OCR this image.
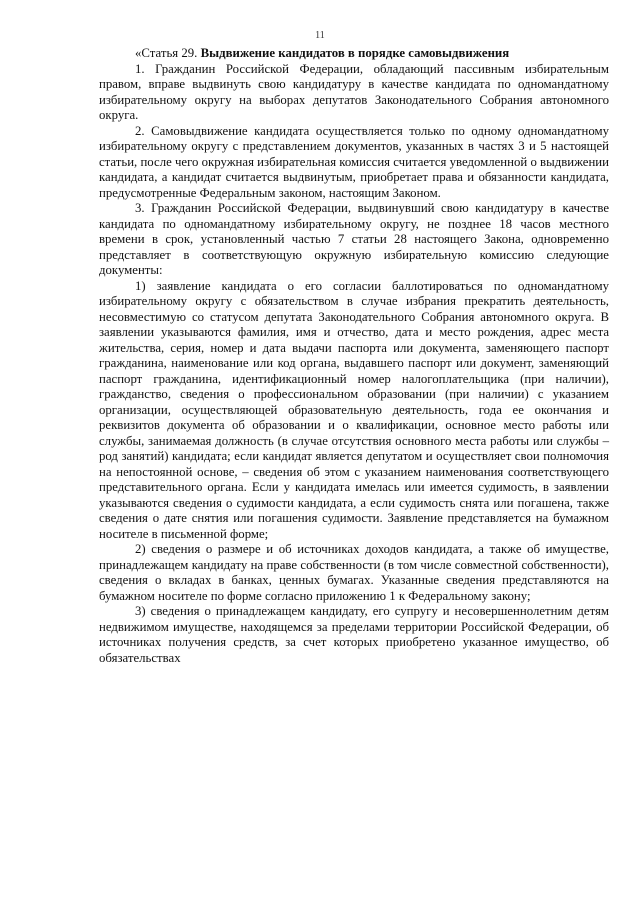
11

«Статья 29. Выдвижение кандидатов в порядке самовыдвижения

1. Гражданин Российской Федерации, обладающий пассивным избирательным правом, вправе выдвинуть свою кандидатуру в качестве кандидата по одномандатному избирательному округу на выборах депутатов Законодательного Собрания автономного округа.

2. Самовыдвижение кандидата осуществляется только по одному одномандатному избирательному округу с представлением документов, указанных в частях 3 и 5 настоящей статьи, после чего окружная избирательная комиссия считается уведомленной о выдвижении кандидата, а кандидат считается выдвинутым, приобретает права и обязанности кандидата, предусмотренные Федеральным законом, настоящим Законом.

3. Гражданин Российской Федерации, выдвинувший свою кандидатуру в качестве кандидата по одномандатному избирательному округу, не позднее 18 часов местного времени в срок, установленный частью 7 статьи 28 настоящего Закона, одновременно представляет в соответствующую окружную избирательную комиссию следующие документы:

1) заявление кандидата о его согласии баллотироваться по одномандатному избирательному округу с обязательством в случае избрания прекратить деятельность, несовместимую со статусом депутата Законодательного Собрания автономного округа. В заявлении указываются фамилия, имя и отчество, дата и место рождения, адрес места жительства, серия, номер и дата выдачи паспорта или документа, заменяющего паспорт гражданина, наименование или код органа, выдавшего паспорт или документ, заменяющий паспорт гражданина, идентификационный номер налогоплательщика (при наличии), гражданство, сведения о профессиональном образовании (при наличии) с указанием организации, осуществляющей образовательную деятельность, года ее окончания и реквизитов документа об образовании и о квалификации, основное место работы или службы, занимаемая должность (в случае отсутствия основного места работы или службы – род занятий) кандидата; если кандидат является депутатом и осуществляет свои полномочия на непостоянной основе, – сведения об этом с указанием наименования соответствующего представительного органа. Если у кандидата имелась или имеется судимость, в заявлении указываются сведения о судимости кандидата, а если судимость снята или погашена, также сведения о дате снятия или погашения судимости. Заявление представляется на бумажном носителе в письменной форме;

2) сведения о размере и об источниках доходов кандидата, а также об имуществе, принадлежащем кандидату на праве собственности (в том числе совместной собственности), сведения о вкладах в банках, ценных бумагах. Указанные сведения представляются на бумажном носителе по форме согласно приложению 1 к Федеральному закону;

3) сведения о принадлежащем кандидату, его супругу и несовершеннолетним детям недвижимом имуществе, находящемся за пределами территории Российской Федерации, об источниках получения средств, за счет которых приобретено указанное имущество, об обязательствах
